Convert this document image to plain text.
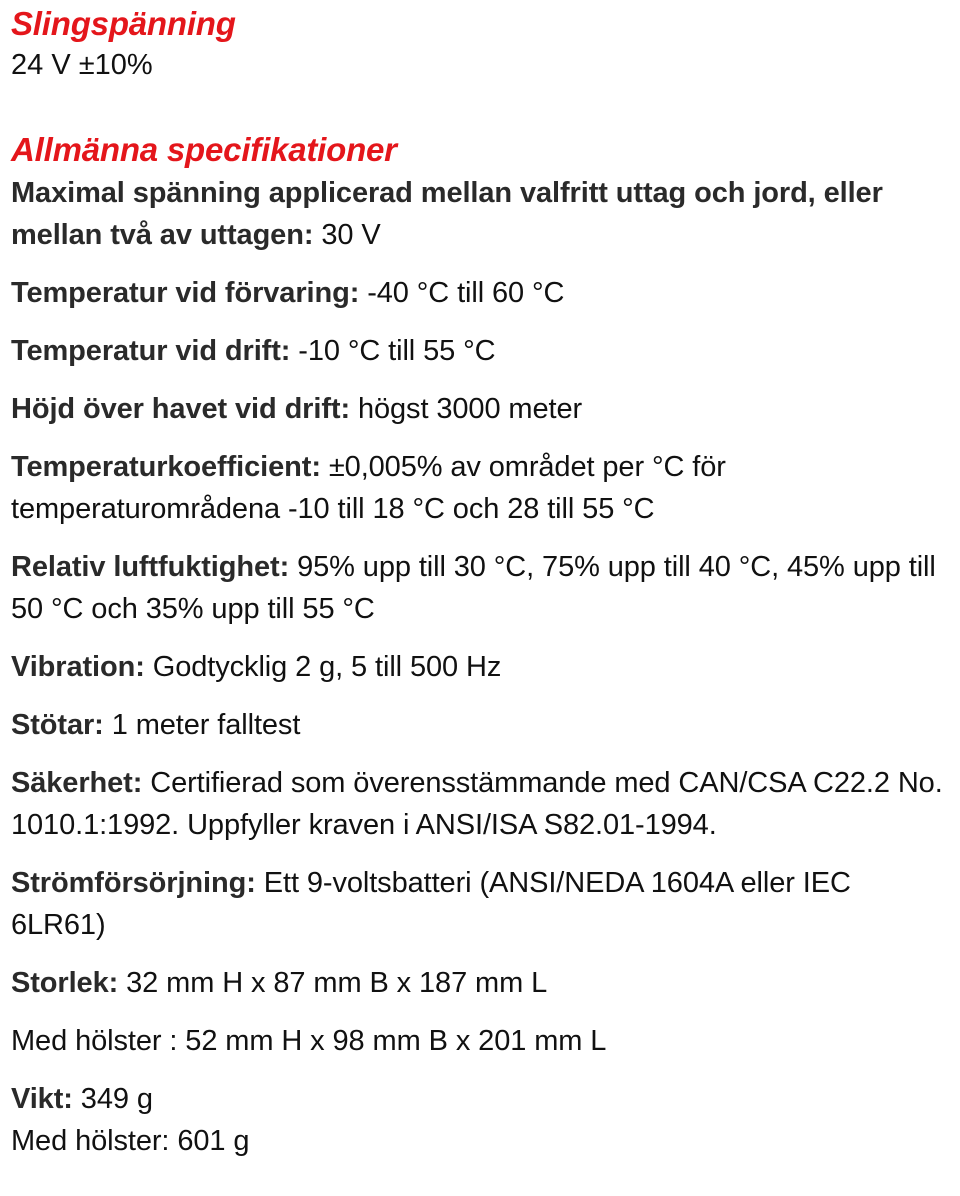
Slingspänning

24 V ±10%

Allmänna specifikationer

Maximal spänning applicerad mellan valfritt uttag och jord, eller mellan två av uttagen: 30 V

Temperatur vid förvaring: -40 °C till 60 °C

Temperatur vid drift: -10 °C till 55 °C

Höjd över havet vid drift: högst 3000 meter

Temperaturkoefficient: ±0,005% av området per °C för temperaturområdena -10 till 18 °C och 28 till 55 °C

Relativ luftfuktighet: 95% upp till 30 °C, 75% upp till 40 °C, 45% upp till 50 °C och 35% upp till 55 °C

Vibration: Godtycklig 2 g, 5 till 500 Hz

Stötar: 1 meter falltest

Säkerhet: Certifierad som överensstämmande med CAN/CSA C22.2 No. 1010.1:1992. Uppfyller kraven i ANSI/ISA S82.01-1994.

Strömförsörjning: Ett 9-voltsbatteri (ANSI/NEDA 1604A eller IEC 6LR61)

Storlek: 32 mm H x 87 mm B x 187 mm L

Med hölster : 52 mm H x 98 mm B x 201 mm L

Vikt: 349 g

Med hölster: 601 g
